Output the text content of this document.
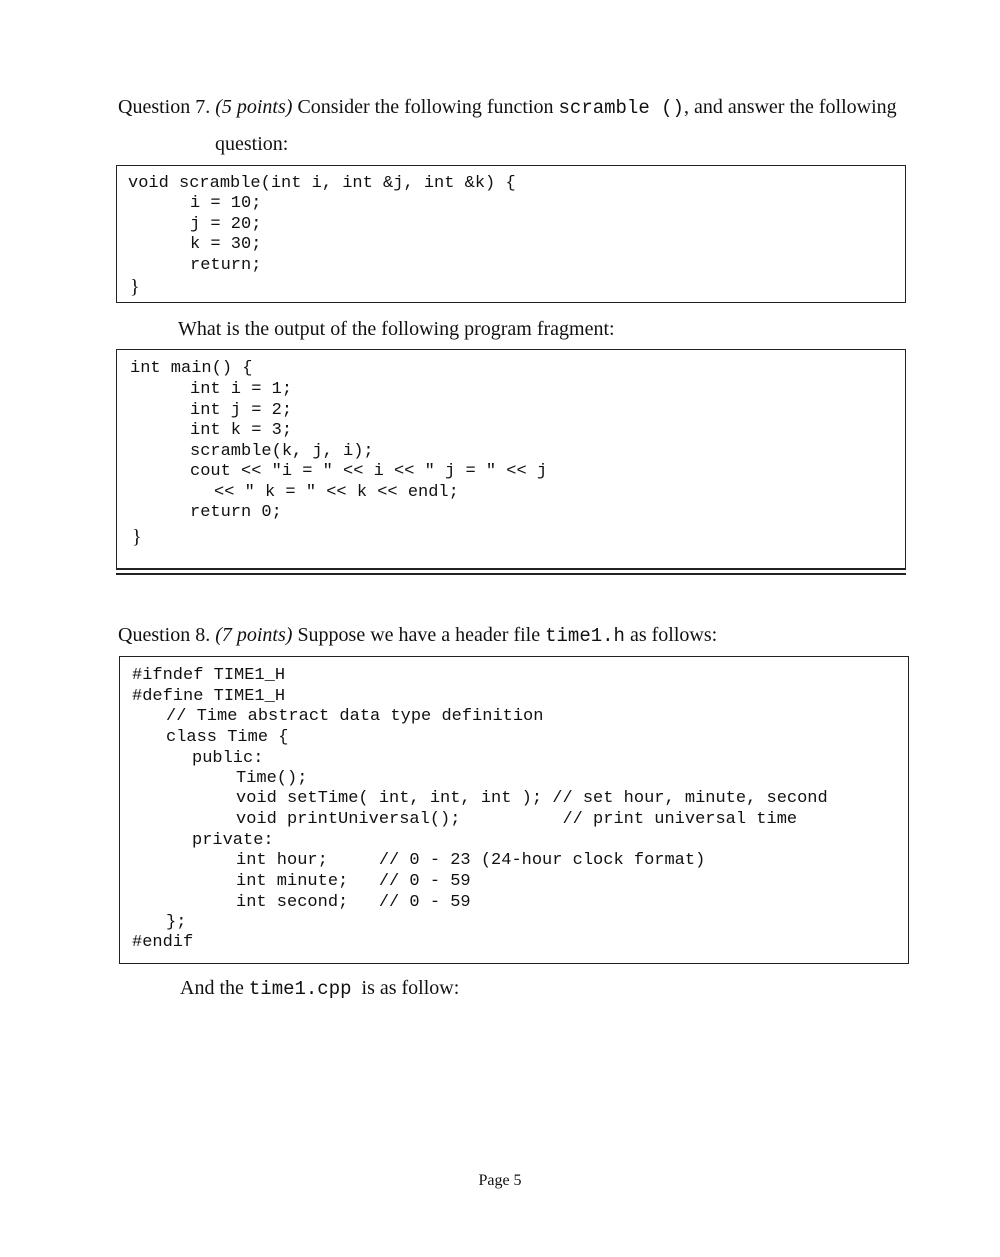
Question 7. (5 points) Consider the following function scramble (), and answer the following
question:
void scramble(int i, int &j, int &k) {
i = 10;
j = 20;
k = 30;
return;
}
What is the output of the following program fragment:
int main() {
int i = 1;
int j = 2;
int k = 3;
scramble(k, j, i);
cout << "i = " << i << " j = " << j
<< " k = " << k << endl;
return 0;
}
Question 8. (7 points) Suppose we have a header file time1.h as follows:
#ifndef TIME1_H
#define TIME1_H
// Time abstract data type definition
class Time {
public:
Time();
void setTime( int, int, int ); // set hour, minute, second
void printUniversal();          // print universal time
private:
int hour;     // 0 - 23 (24-hour clock format)
int minute;   // 0 - 59
int second;   // 0 - 59
};
#endif
And the time1.cpp  is as follow:
Page 5
